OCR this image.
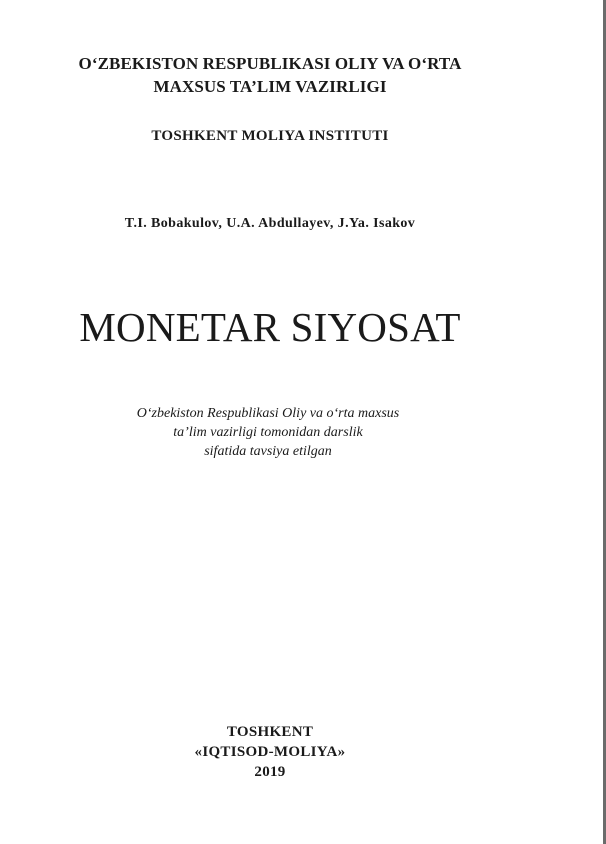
O‘ZBEKISTON RESPUBLIKASI OLIY VA O‘RTA
MAXSUS TA’LIM VAZIRLIGI
TOSHKENT MOLIYA INSTITUTI
T.I. Bobakulov, U.A. Abdullayev, J.Ya. Isakov
MONETAR SIYOSAT
O‘zbekiston Respublikasi Oliy va o‘rta maxsus
ta’lim vazirligi tomonidan darslik
sifatida tavsiya etilgan
TOSHKENT
«IQTISOD-MOLIYA»
2019
